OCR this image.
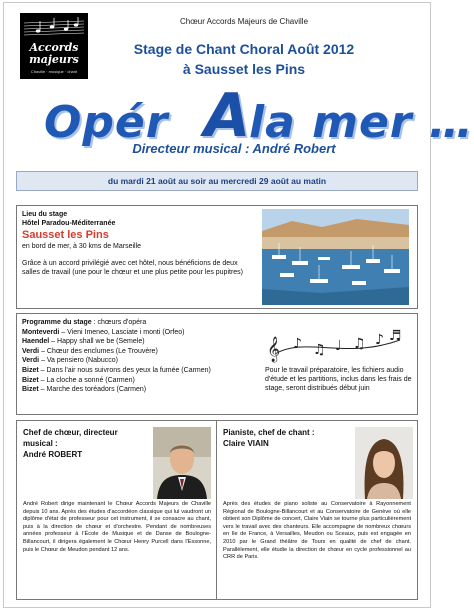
Accords
majeurs
Chaville · musique · chant
Chœur Accords Majeurs de Chaville
Stage de Chant Choral Août 2012
à Sausset les Pins
Opér A
la mer …
Directeur musical : André Robert
du mardi 21 août au soir au mercredi 29 août au matin
Lieu du stage
Hôtel Paradou-Méditerranée
Sausset les Pins
en bord de mer, à 30 kms de Marseille
Grâce à un accord privilégié avec cet hôtel, nous bénéficions de deux salles de travail (une pour le chœur et une plus petite pour les pupitres)
Programme du stage : chœurs d'opéra
Monteverdi – Vieni Imeneo, Lasciate i monti (Orfeo)
Haendel – Happy shall we be (Semele)
Verdi – Chœur des enclumes (Le Trouvère)
Verdi – Va pensiero (Nabucco)
Bizet – Dans l'air nous suivrons des yeux la fumée (Carmen)
Bizet – La cloche a sonné (Carmen)
Bizet – Marche des toréadors (Carmen)
𝄞 ♪ ♫ ♩ ♫ ♪ ♬
Pour le travail préparatoire, les fichiers audio d'étude et les partitions, inclus dans les frais de stage, seront distribués début juin
Chef de chœur, directeur musical :
André ROBERT
André Robert dirige maintenant le Chœur Accords Majeurs de Chaville depuis 10 ans. Après des études d'accordéon classique qui lui vaudront un diplôme d'état de professeur pour cet instrument, il se consacre au chant, puis à la direction de chœur et d'orchestre. Pendant de nombreuses années professeur à l'École de Musique et de Danse de Boulogne-Billancourt, il dirigera également le Chœur Henry Purcell dans l'Essonne, puis le Chœur de Meudon pendant 12 ans.
Pianiste, chef de chant :
Claire VIAIN
Après des études de piano soliste au Conservatoire à Rayonnement Régional de Boulogne-Billancourt et au Conservatoire de Genève où elle obtient son Diplôme de concert, Claire Viain se tourne plus particulièrement vers le travail avec des chanteurs. Elle accompagne de nombreux chœurs en Ile de France, à Versailles, Meudon ou Sceaux, puis est engagée en 2010 par le Grand théâtre de Tours en qualité de chef de chant. Parallèlement, elle étudie la direction de chœur en cycle professionnel au CRR de Paris.
